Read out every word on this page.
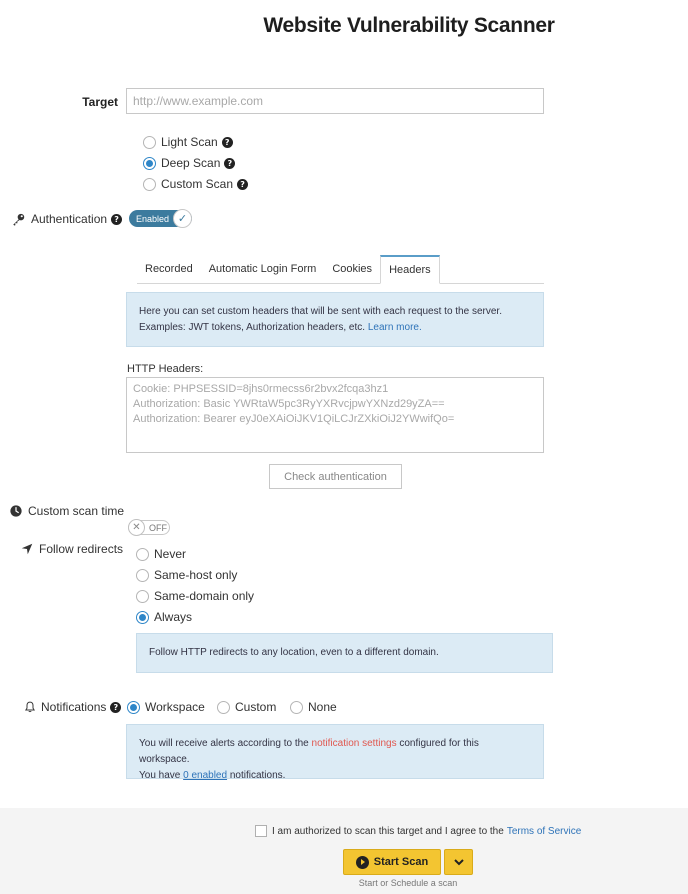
Website Vulnerability Scanner
Target
http://www.example.com
Light Scan ?
Deep Scan ?
Custom Scan ?
Authentication ?	Enabled ✓
Recorded	Automatic Login Form	Cookies	Headers
Here you can set custom headers that will be sent with each request to the server.
Examples: JWT tokens, Authorization headers, etc. Learn more.
HTTP Headers:
Cookie: PHPSESSID=8jhs0rmecss6r2bvx2fcqa3hz1 Authorization: Basic YWRtaW5pc3RyYXRvcjpwYXNzd29yZA== Authorization: Bearer eyJ0eXAiOiJKV1QiLCJrZXkiOiJ2YWwifQo=
Check authentication
Custom scan time
✕ OFF
Follow redirects	Never
Same-host only
Same-domain only
Always
Follow HTTP redirects to any location, even to a different domain.
Notifications ? Workspace	Custom	None
You will receive alerts according to the notification settings configured for this workspace.
You have 0 enabled notifications.
I am authorized to scan this target and I agree to the Terms of Service
Start Scan
Start or Schedule a scan
